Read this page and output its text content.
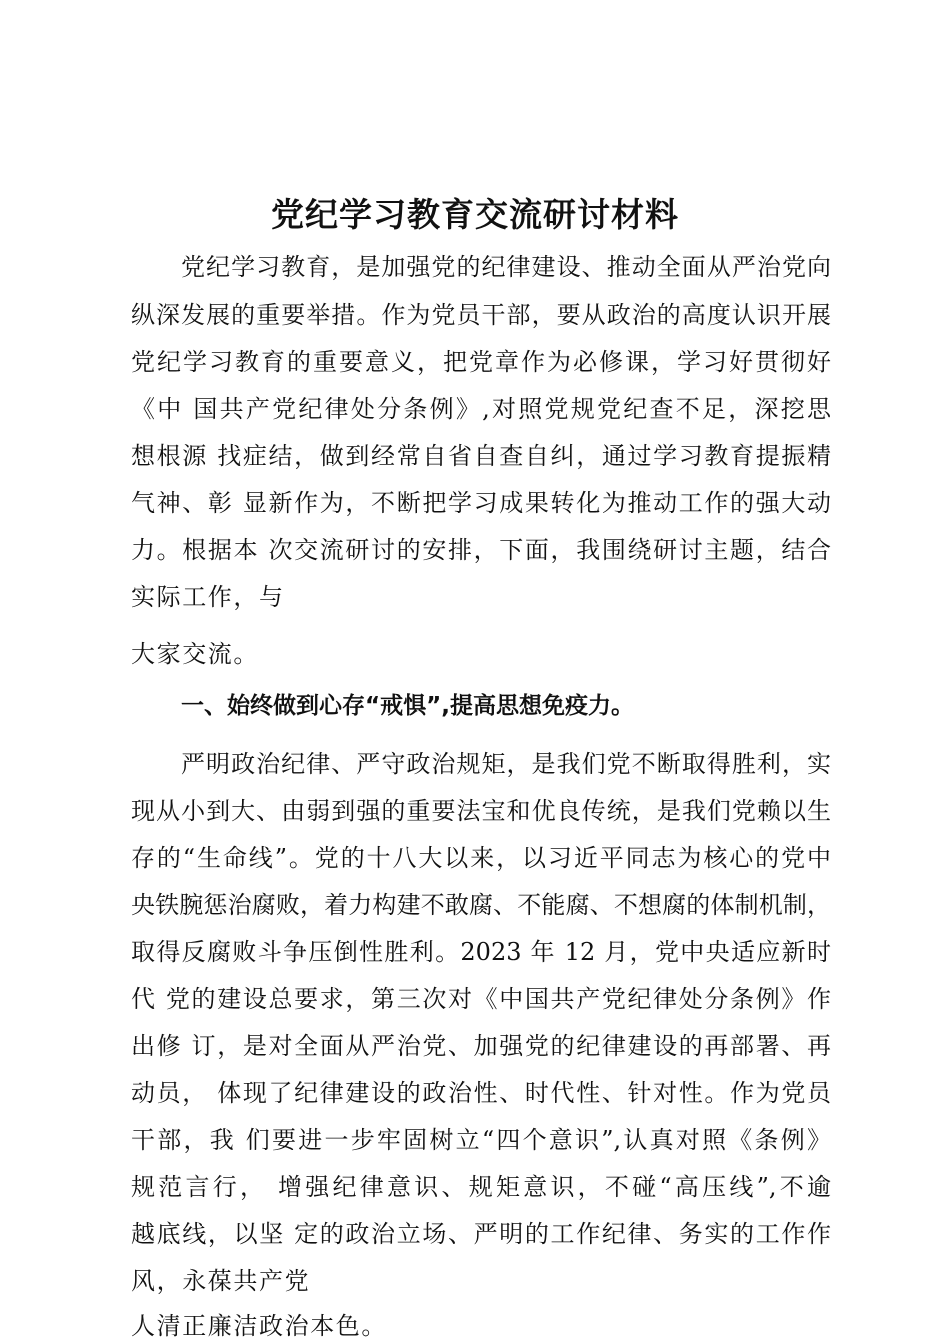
党纪学习教育交流研讨材料
党纪学习教育，是加强党的纪律建设、推动全面从严治党向
纵深发展的重要举措。作为党员干部，要从政治的高度认识开展
党纪学习教育的重要意义，把党章作为必修课，学习好贯彻好
《中 国共产党纪律处分条例》,对照党规党纪查不足，深挖思
想根源 找症结，做到经常自省自查自纠，通过学习教育提振精
气神、彰 显新作为，不断把学习成果转化为推动工作的强大动
力。根据本 次交流研讨的安排，下面，我围绕研讨主题，结合
实际工作，与
大家交流。
一、始终做到心存“戒惧”,提高思想免疫力。
严明政治纪律、严守政治规矩，是我们党不断取得胜利，实
现从小到大、由弱到强的重要法宝和优良传统，是我们党赖以生
存的“生命线”。党的十八大以来，以习近平同志为核心的党中
央铁腕惩治腐败，着力构建不敢腐、不能腐、不想腐的体制机制，
取得反腐败斗争压倒性胜利。2023 年 12 月，党中央适应新时
代 党的建设总要求，第三次对《中国共产党纪律处分条例》作
出修 订，是对全面从严治党、加强党的纪律建设的再部署、再
动员， 体现了纪律建设的政治性、时代性、针对性。作为党员
干部，我 们要进一步牢固树立“四个意识”,认真对照《条例》
规范言行， 增强纪律意识、规矩意识，不碰“高压线”,不逾
越底线，以坚 定的政治立场、严明的工作纪律、务实的工作作
风，永葆共产党
人清正廉洁政治本色。
